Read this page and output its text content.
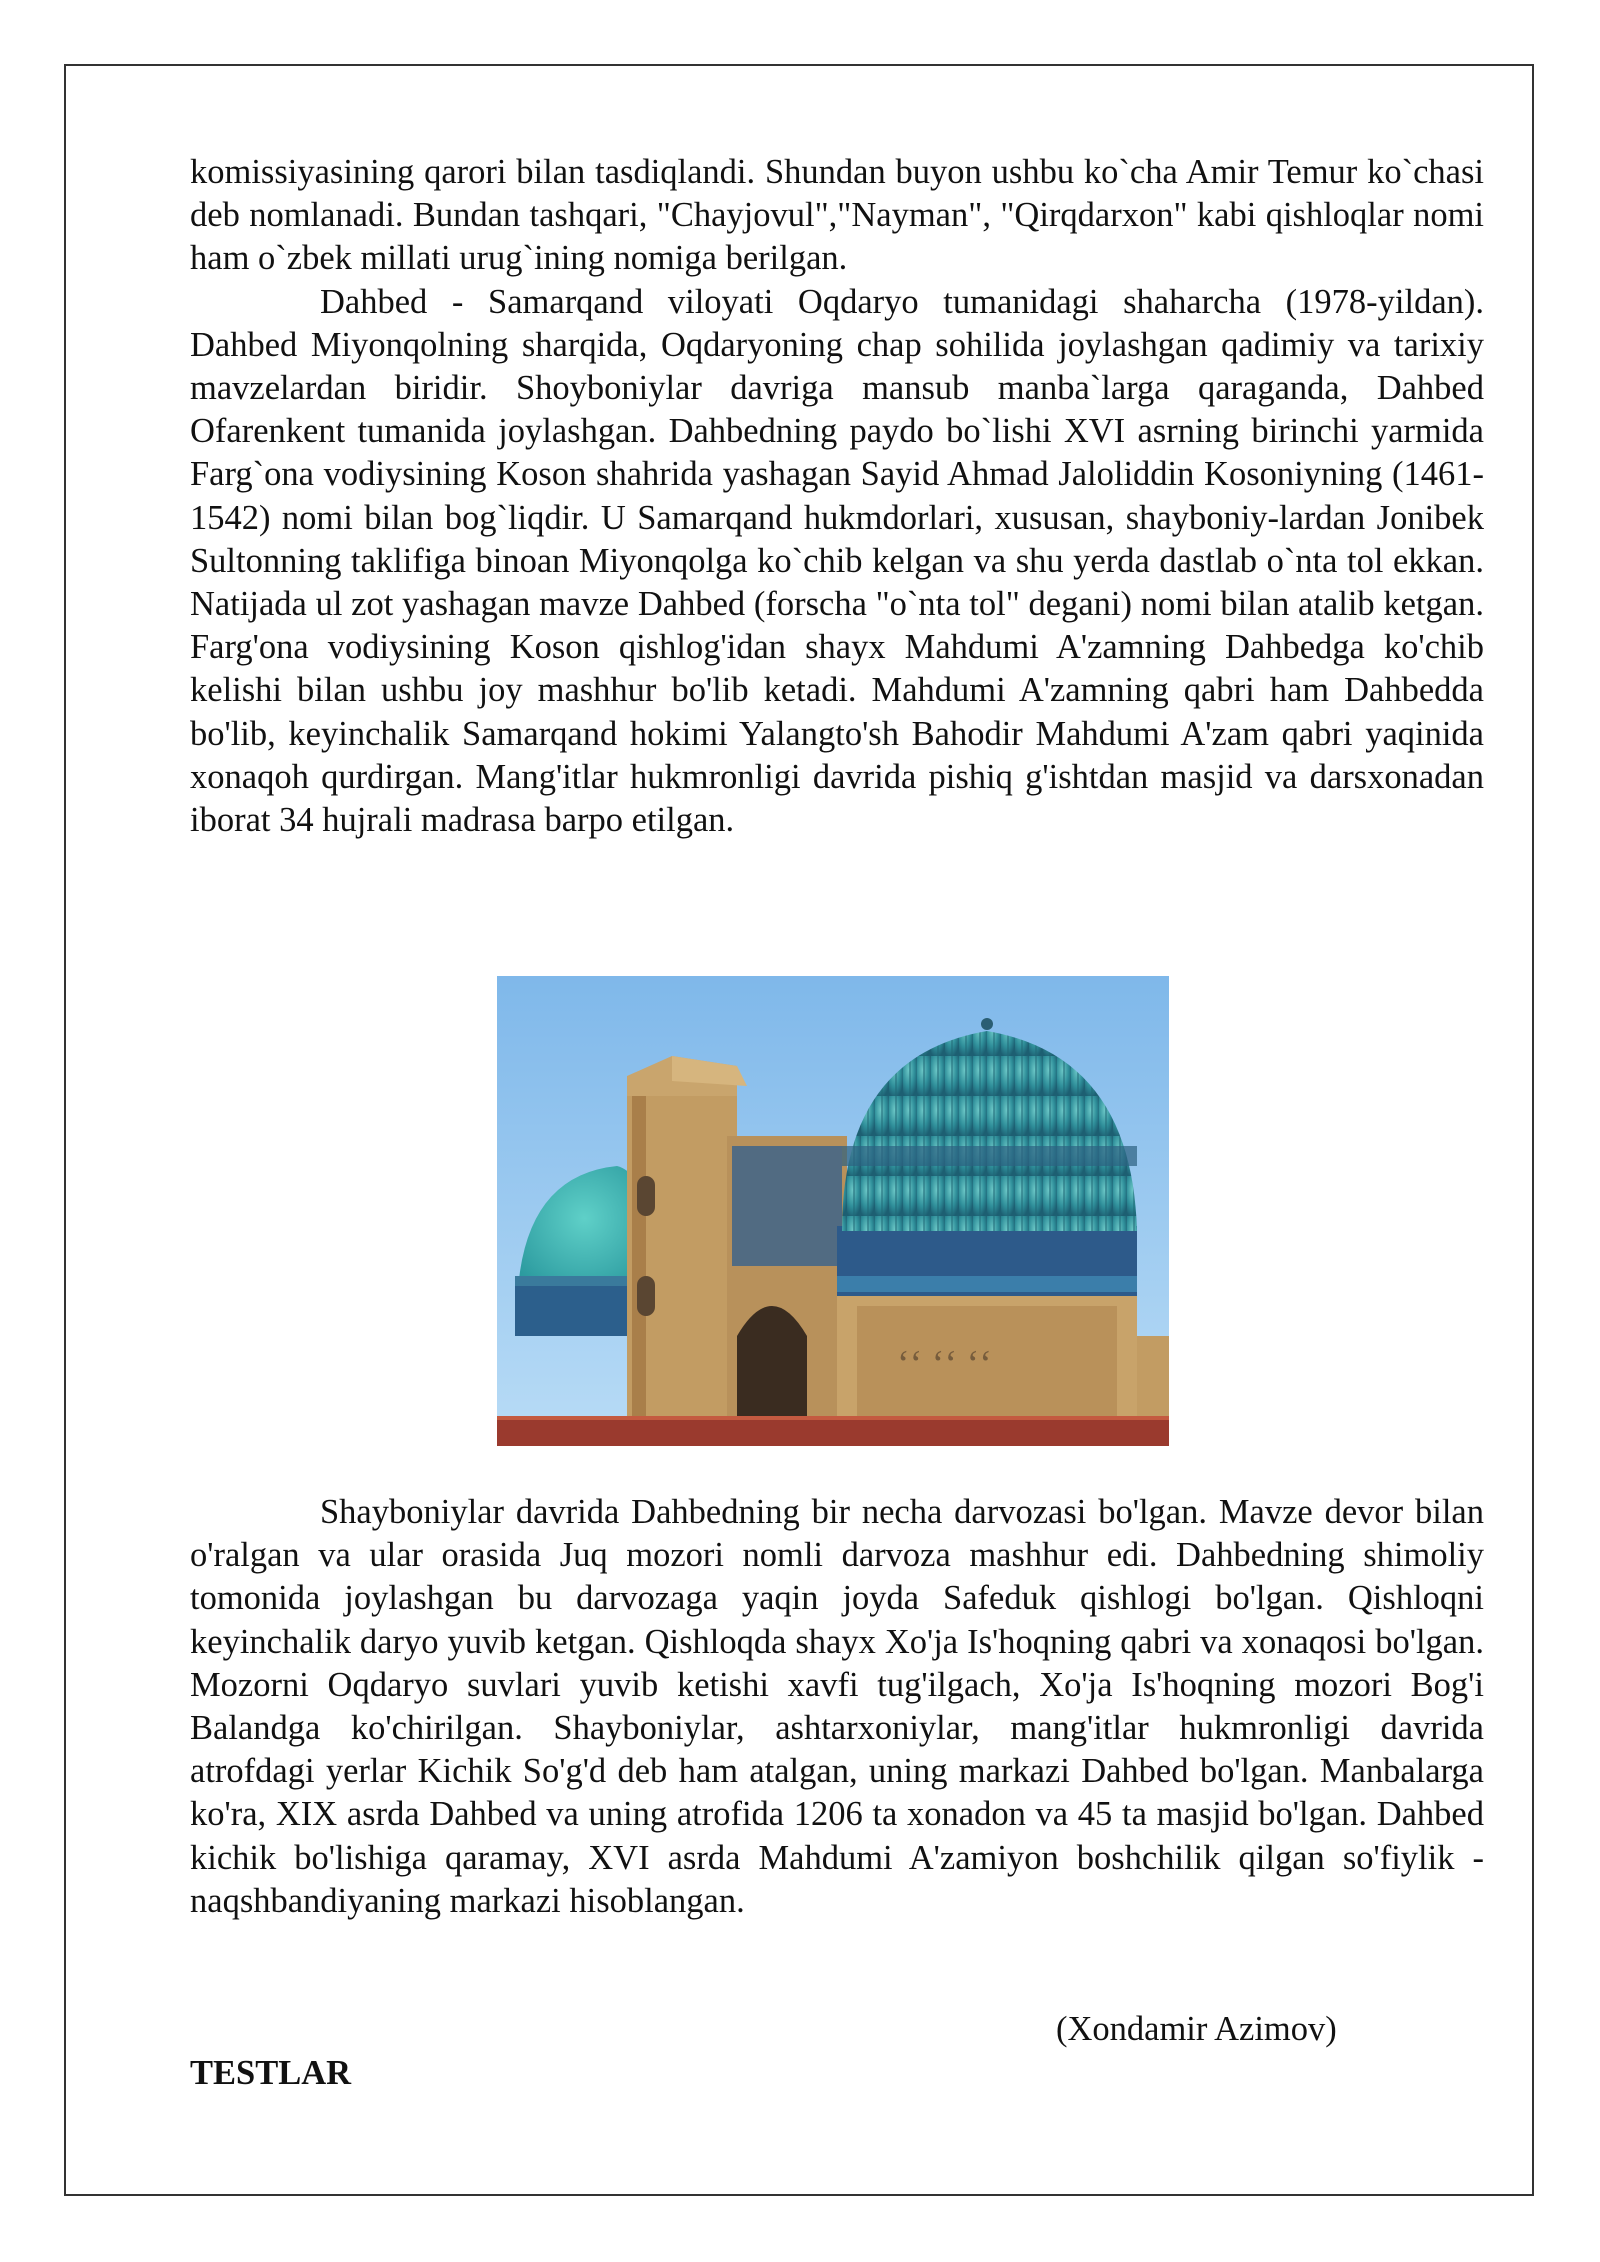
komissiyasining qarori bilan tasdiqlandi. Shundan buyon ushbu ko`cha Amir Temur ko`chasi deb nomlanadi. Bundan tashqari, "Chayjovul","Nayman", "Qirqdarxon" kabi qishloqlar nomi ham o`zbek millati urug`ining nomiga berilgan.

Dahbed - Samarqand viloyati Oqdaryo tumanidagi shaharcha (1978-yildan). Dahbed Miyonqolning sharqida, Oqdaryoning chap sohilida joylashgan qadimiy va tarixiy mavzelardan biridir. Shoyboniylar davriga mansub manba`larga qaraganda, Dahbed Ofarenkent tumanida joylashgan. Dahbedning paydo bo`lishi XVI asrning birinchi yarmida Farg`ona vodiysining Koson shahrida yashagan Sayid Ahmad Jaloliddin Kosoniyning (1461-1542) nomi bilan bog`liqdir. U Samarqand hukmdorlari, xususan, shayboniy-lardan Jonibek Sultonning taklifiga binoan Miyonqolga ko`chib kelgan va shu yerda dastlab o`nta tol ekkan. Natijada ul zot yashagan mavze Dahbed (forscha "o`nta tol" degani) nomi bilan atalib ketgan. Farg'ona vodiysining Koson qishlog'idan shayx Mahdumi A'zamning Dahbedga ko'chib kelishi bilan ushbu joy mashhur bo'lib ketadi. Mahdumi A'zamning qabri ham Dahbedda bo'lib, keyinchalik Samarqand hokimi Yalangto'sh Bahodir Mahdumi A'zam qabri yaqinida xonaqoh qurdirgan. Mang'itlar hukmronligi davrida pishiq g'ishtdan masjid va darsxonadan iborat 34 hujrali madrasa barpo etilgan.

ʻʻ ʻʻ ʻʻ

Shayboniylar davrida Dahbedning bir necha darvozasi bo'lgan. Mavze devor bilan o'ralgan va ular orasida Juq mozori nomli darvoza mashhur edi. Dahbedning shimoliy tomonida joylashgan bu darvozaga yaqin joyda Safeduk qishlogi bo'lgan. Qishloqni keyinchalik daryo yuvib ketgan. Qishloqda shayx Xo'ja Is'hoqning qabri va xonaqosi bo'lgan. Mozorni Oqdaryo suvlari yuvib ketishi xavfi tug'ilgach, Xo'ja Is'hoqning mozori Bog'i Balandga ko'chirilgan. Shayboniylar, ashtarxoniylar, mang'itlar hukmronligi davrida atrofdagi yerlar Kichik So'g'd deb ham atalgan, uning markazi Dahbed bo'lgan. Manbalarga ko'ra, XIX asrda Dahbed va uning atrofida 1206 ta xonadon va 45 ta masjid bo'lgan. Dahbed kichik bo'lishiga qaramay, XVI asrda Mahdumi A'zamiyon boshchilik qilgan so'fiylik - naqshbandiyaning markazi hisoblangan.

(Xondamir Azimov)
TESTLAR
